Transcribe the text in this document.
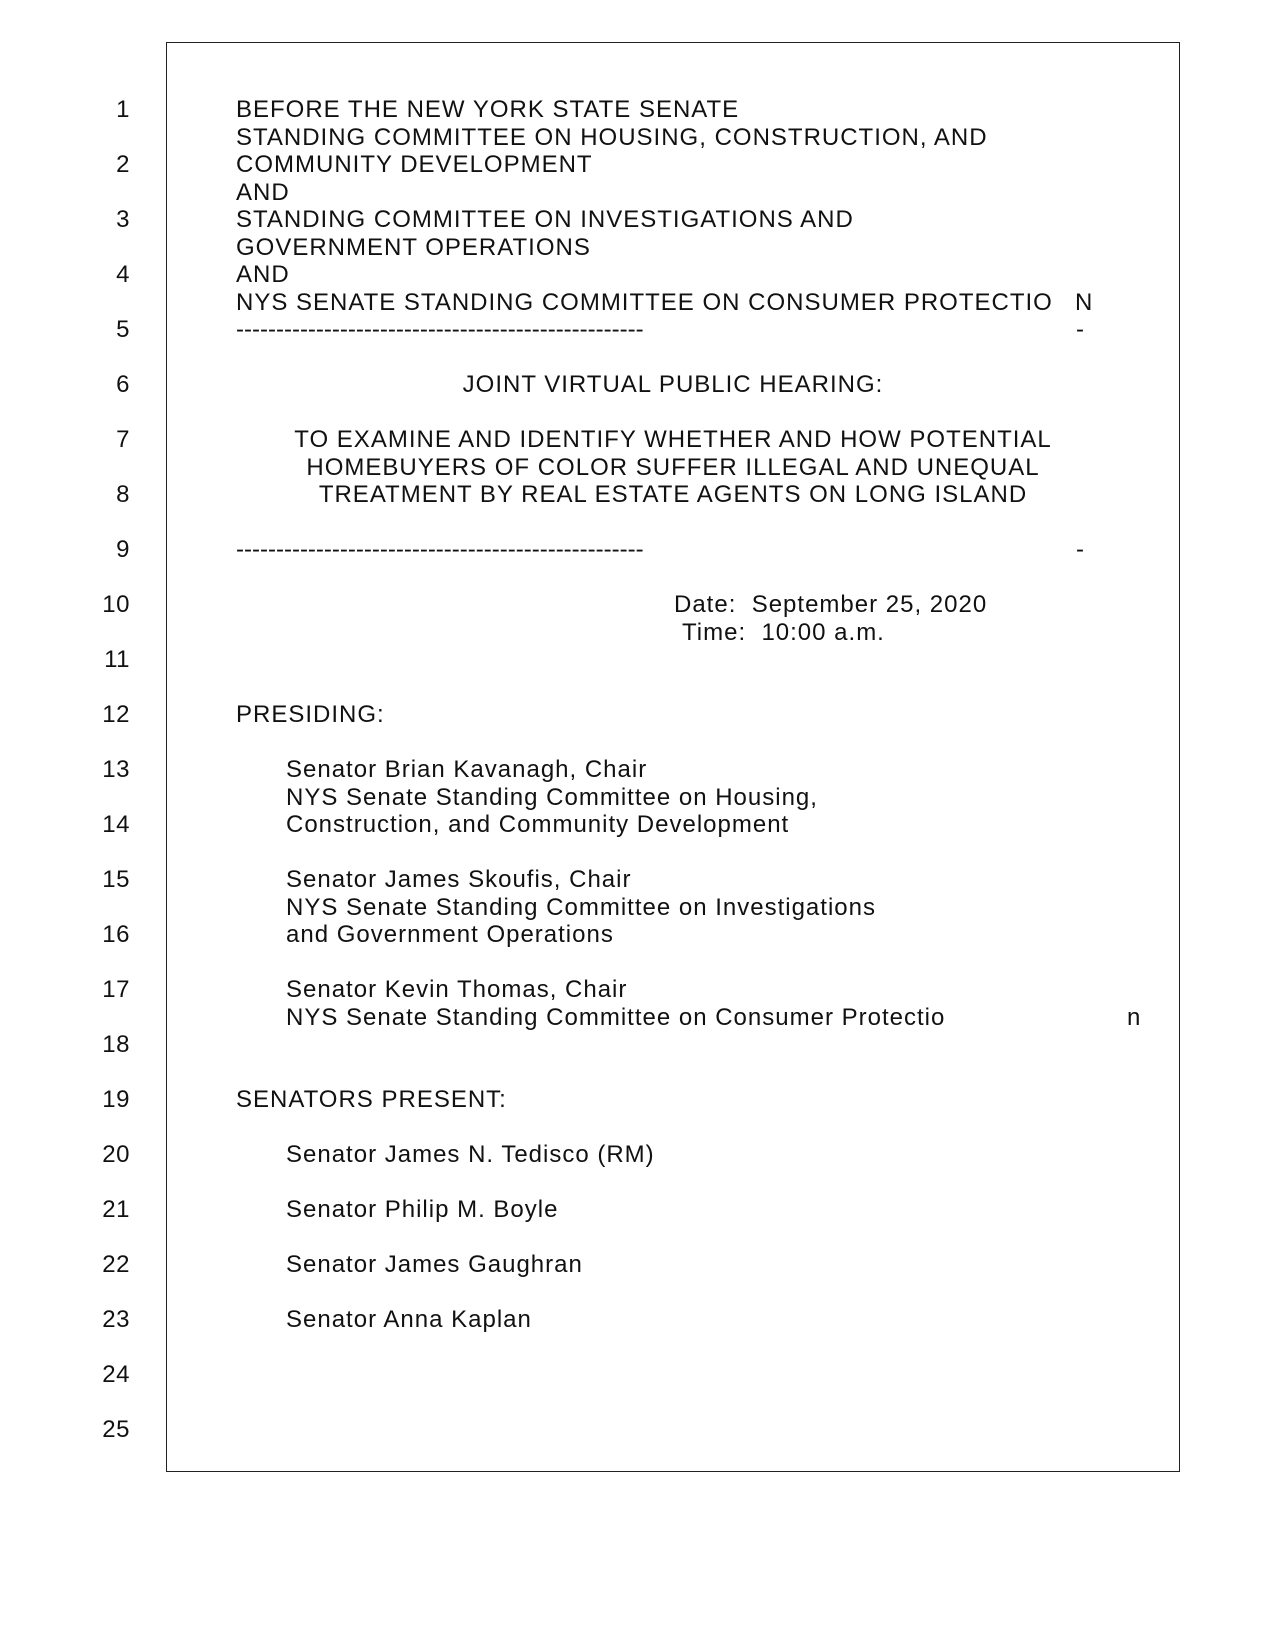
1
2
3
4
5
6
7
8
9
10
11
12
13
14
15
16
17
18
19
20
21
22
23
24
25
BEFORE THE NEW YORK STATE SENATE
STANDING COMMITTEE ON HOUSING, CONSTRUCTION, AND
COMMUNITY DEVELOPMENT
AND
STANDING COMMITTEE ON INVESTIGATIONS AND
GOVERNMENT OPERATIONS
AND
NYS SENATE STANDING COMMITTEE ON CONSUMER PROTECTIO N
---------------------------------------------------	-
JOINT VIRTUAL PUBLIC HEARING:
TO EXAMINE AND IDENTIFY WHETHER AND HOW POTENTIAL
HOMEBUYERS OF COLOR SUFFER ILLEGAL AND UNEQUAL
TREATMENT BY REAL ESTATE AGENTS ON LONG ISLAND
---------------------------------------------------	-
Date:  September 25, 2020
Time:  10:00 a.m.
PRESIDING:
Senator Brian Kavanagh, Chair
NYS Senate Standing Committee on Housing,
Construction, and Community Development
Senator James Skoufis, Chair
NYS Senate Standing Committee on Investigations
and Government Operations
Senator Kevin Thomas, Chair
NYS Senate Standing Committee on Consumer Protectio	n
SENATORS PRESENT:
Senator James N. Tedisco (RM)
Senator Philip M. Boyle
Senator James Gaughran
Senator Anna Kaplan
